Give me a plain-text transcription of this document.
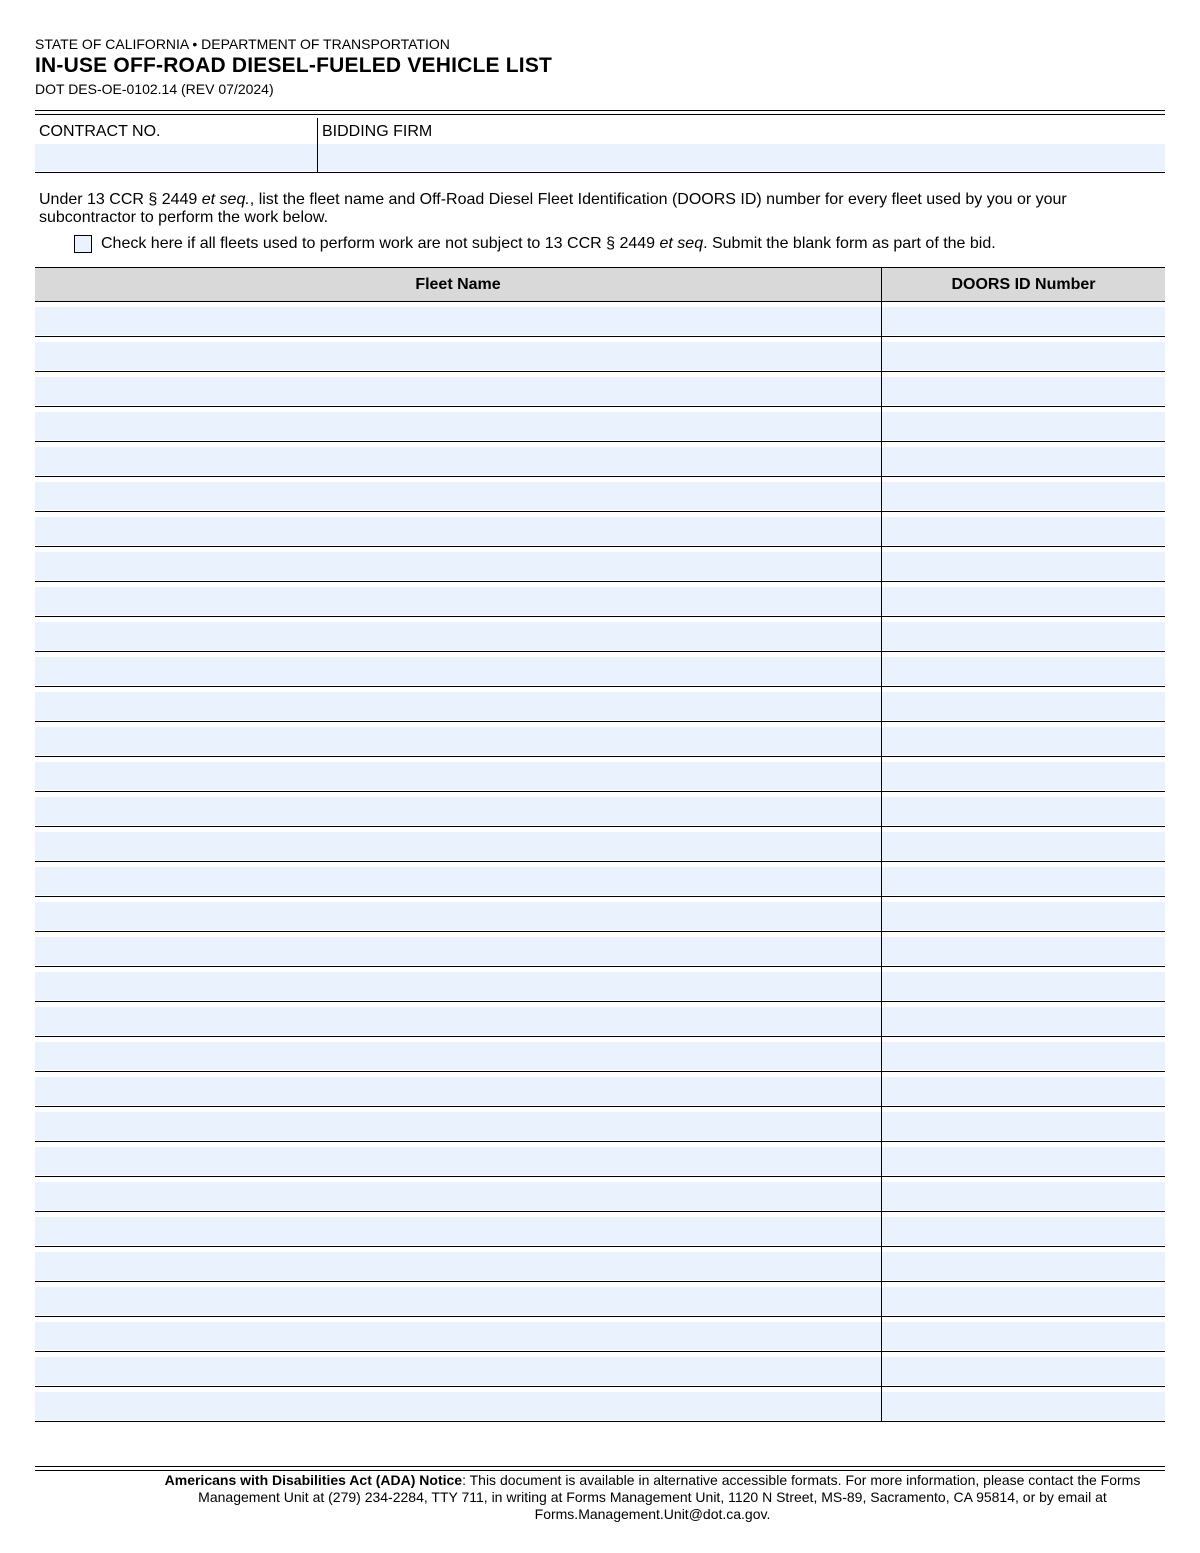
STATE OF CALIFORNIA • DEPARTMENT OF TRANSPORTATION

IN-USE OFF-ROAD DIESEL-FUELED VEHICLE LIST

DOT DES-OE-0102.14 (REV 07/2024)

CONTRACT NO.	BIDDING FIRM

Under 13 CCR § 2449 et seq., list the fleet name and Off-Road Diesel Fleet Identification (DOORS ID) number for every fleet used by you or your subcontractor to perform the work below.

Check here if all fleets used to perform work are not subject to 13 CCR § 2449 et seq. Submit the blank form as part of the bid.
Fleet Name	DOORS ID Number

Americans with Disabilities Act (ADA) Notice: This document is available in alternative accessible formats. For more information, please contact the Forms Management Unit at (279) 234-2284, TTY 711, in writing at Forms Management Unit, 1120 N Street, MS-89, Sacramento, CA 95814, or by email at Forms.Management.Unit@dot.ca.gov.
